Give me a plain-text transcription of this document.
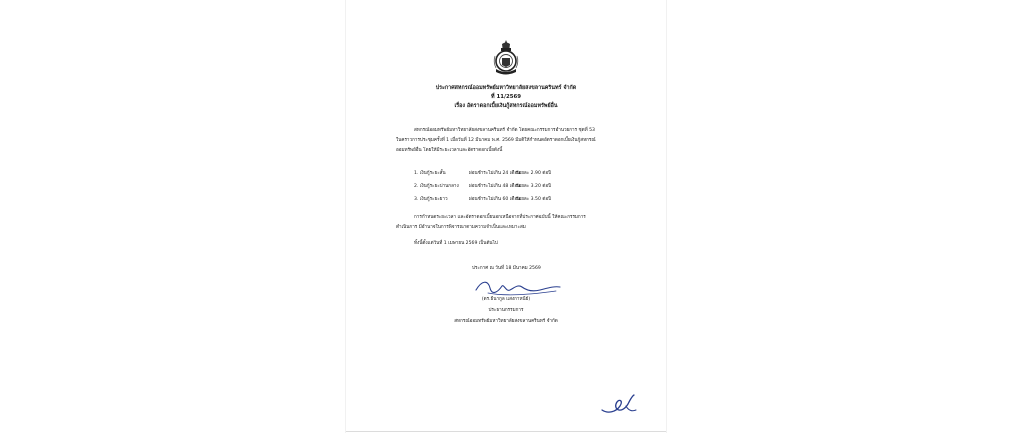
ประกาศสหกรณ์ออมทรัพย์มหาวิทยาลัยสงขลานครินทร์ จำกัด
ที่ 11/2569
เรื่อง อัตราดอกเบี้ยเงินกู้สหกรณ์ออมทรัพย์อื่น
สหกรณ์ออมทรัพย์มหาวิทยาลัยสงขลานครินทร์ จำกัด โดยคณะกรรมการอำนวยการ ชุดที่ 53
ในคราวการประชุมครั้งที่ 1 เมื่อวันที่ 12 มีนาคม พ.ศ. 2569 มีมติให้กำหนดอัตราดอกเบี้ยเงินกู้สหกรณ์
ออมทรัพย์อื่น โดยให้มีระยะเวลาและอัตราดอกเบี้ยดังนี้
1. เงินกู้ระยะสั้น	ผ่อนชำระไม่เกิน 24 เดือน
ร้อยละ 2.90 ต่อปี
2. เงินกู้ระยะปานกลาง ผ่อนชำระไม่เกิน 48 เดือน
ร้อยละ 3.20 ต่อปี
3. เงินกู้ระยะยาว	ผ่อนชำระไม่เกิน 60 เดือน
ร้อยละ 3.50 ต่อปี
การกำหนดระยะเวลา และอัตราดอกเบี้ยนอกเหนือจากที่ประกาศฉบับนี้ ให้คณะกรรมการ
ดำเนินการ มีอำนาจในการพิจารณาตามความจำเป็นและเหมาะสม
ทั้งนี้ตั้งแต่วันที่ 1 เมษายน 2569 เป็นต้นไป
ประกาศ ณ วันที่ 18 มีนาคม 2569
(ดร.ธีนากูล แสงกาหนีย์)
ประธานกรรมการ
สหกรณ์ออมทรัพย์มหาวิทยาลัยสงขลานครินทร์ จำกัด
